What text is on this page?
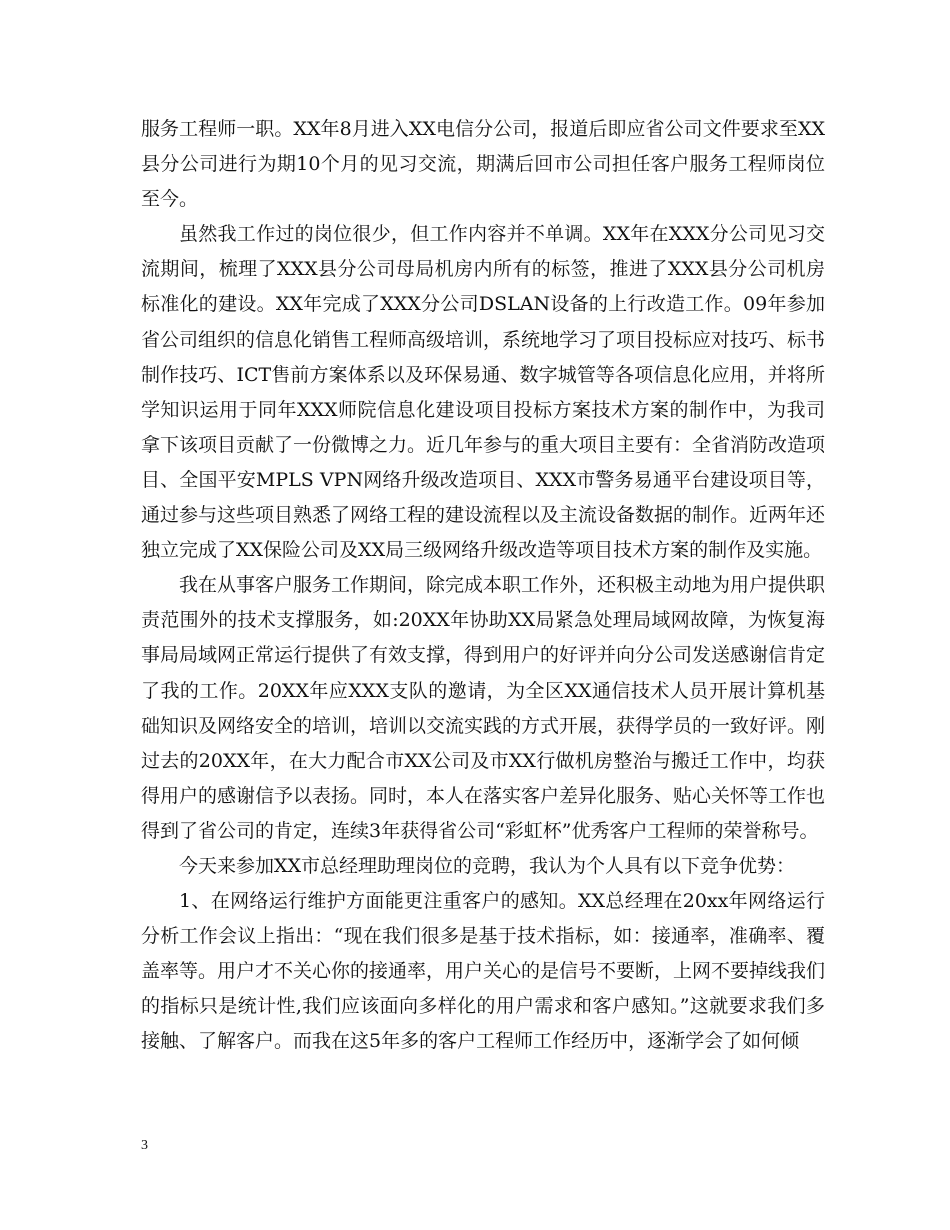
服务工程师一职。XX年8月进入XX电信分公司，报道后即应省公司文件要求至XX县分公司进行为期10个月的见习交流，期满后回市公司担任客户服务工程师岗位至今。

虽然我工作过的岗位很少，但工作内容并不单调。XX年在XXX分公司见习交流期间，梳理了XXX县分公司母局机房内所有的标签，推进了XXX县分公司机房标准化的建设。XX年完成了XXX分公司DSLAN设备的上行改造工作。09年参加省公司组织的信息化销售工程师高级培训，系统地学习了项目投标应对技巧、标书制作技巧、ICT售前方案体系以及环保易通、数字城管等各项信息化应用，并将所学知识运用于同年XXX师院信息化建设项目投标方案技术方案的制作中，为我司拿下该项目贡献了一份微博之力。近几年参与的重大项目主要有：全省消防改造项目、全国平安MPLS VPN网络升级改造项目、XXX市警务易通平台建设项目等，通过参与这些项目熟悉了网络工程的建设流程以及主流设备数据的制作。近两年还独立完成了XX保险公司及XX局三级网络升级改造等项目技术方案的制作及实施。

我在从事客户服务工作期间，除完成本职工作外，还积极主动地为用户提供职责范围外的技术支撑服务，如:20XX年协助XX局紧急处理局域网故障，为恢复海事局局域网正常运行提供了有效支撑，得到用户的好评并向分公司发送感谢信肯定了我的工作。20XX年应XXX支队的邀请，为全区XX通信技术人员开展计算机基础知识及网络安全的培训，培训以交流实践的方式开展，获得学员的一致好评。刚过去的20XX年，在大力配合市XX公司及市XX行做机房整治与搬迁工作中，均获得用户的感谢信予以表扬。同时，本人在落实客户差异化服务、贴心关怀等工作也得到了省公司的肯定，连续3年获得省公司“彩虹杯”优秀客户工程师的荣誉称号。

今天来参加XX市总经理助理岗位的竞聘，我认为个人具有以下竞争优势：

1、在网络运行维护方面能更注重客户的感知。XX总经理在20xx年网络运行分析工作会议上指出：“现在我们很多是基于技术指标，如：接通率，准确率、覆盖率等。用户才不关心你的接通率，用户关心的是信号不要断，上网不要掉线我们的指标只是统计性,我们应该面向多样化的用户需求和客户感知。”这就要求我们多接触、了解客户。而我在这5年多的客户工程师工作经历中，逐渐学会了如何倾

3
